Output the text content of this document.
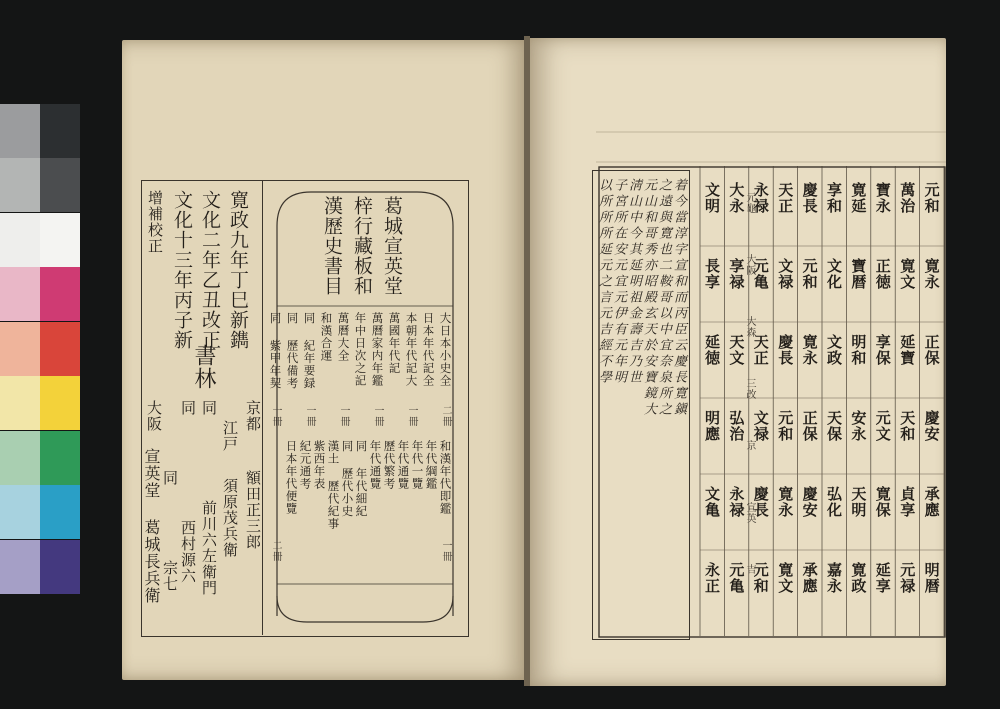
寛政九年丁巳新鐫
文化二年乙丑改正
文化十三年丙子新
增補校正
書林
京都
額田正三郎
江戸
須原茂兵衛
同
前川六左衛門
同
西村源六
同
宗七
大阪
宣英堂 葛城長兵衛
葛城宣英堂
梓行藏板和
漢歷史書目
大日本小史全
日本年代記全
本朝年代記大
萬國年代記
萬曆家内年鑑
年中日次之記
萬曆大全
和漢合運
同 紀年要録
同 歷代備考
同 紫甲年契
二冊
一冊
一冊
一冊
一冊
一冊
一冊
二冊
和漢年代即鑑
年代綱鑑
年代一覽
年代通覽
歷代繁考
年代通覽
同 年代細紀
同 歷代小史
漢土 歷代紀事
紫西年表
紀元通考
日本年代便覽
着今當淳字宣和而丙臣云慶長寛鎭
之遠與寛也二鞍哥以中宜奈泉所之
元山和哥秀亦昭殿玄天於安寶鏡大
淸山中今其延明祖金壽吉乃世
子宮所在安元宜元伊有元年明
以所所所延元之言元吉經不學	元和
寛永
正保
慶安
承應
明暦
萬治
寛文
延寶
天和
貞享
元禄
寶永
正徳
享保
元文
寛保
延享
寛延
寶暦
明和
安永
天明
寛政
享和
文化
文政
天保
弘化
嘉永
慶長
元和
寛永
正保
慶安
承應
天正
文禄
慶長
元和
寛永
寛文
永禄
元亀
天正
文禄
慶長
元和
大永
享禄
天文
弘治
永禄
元亀
文明
長享
延徳
明應
文亀
永正
元龜
大阪
大森
三改
京
宣英
吉
